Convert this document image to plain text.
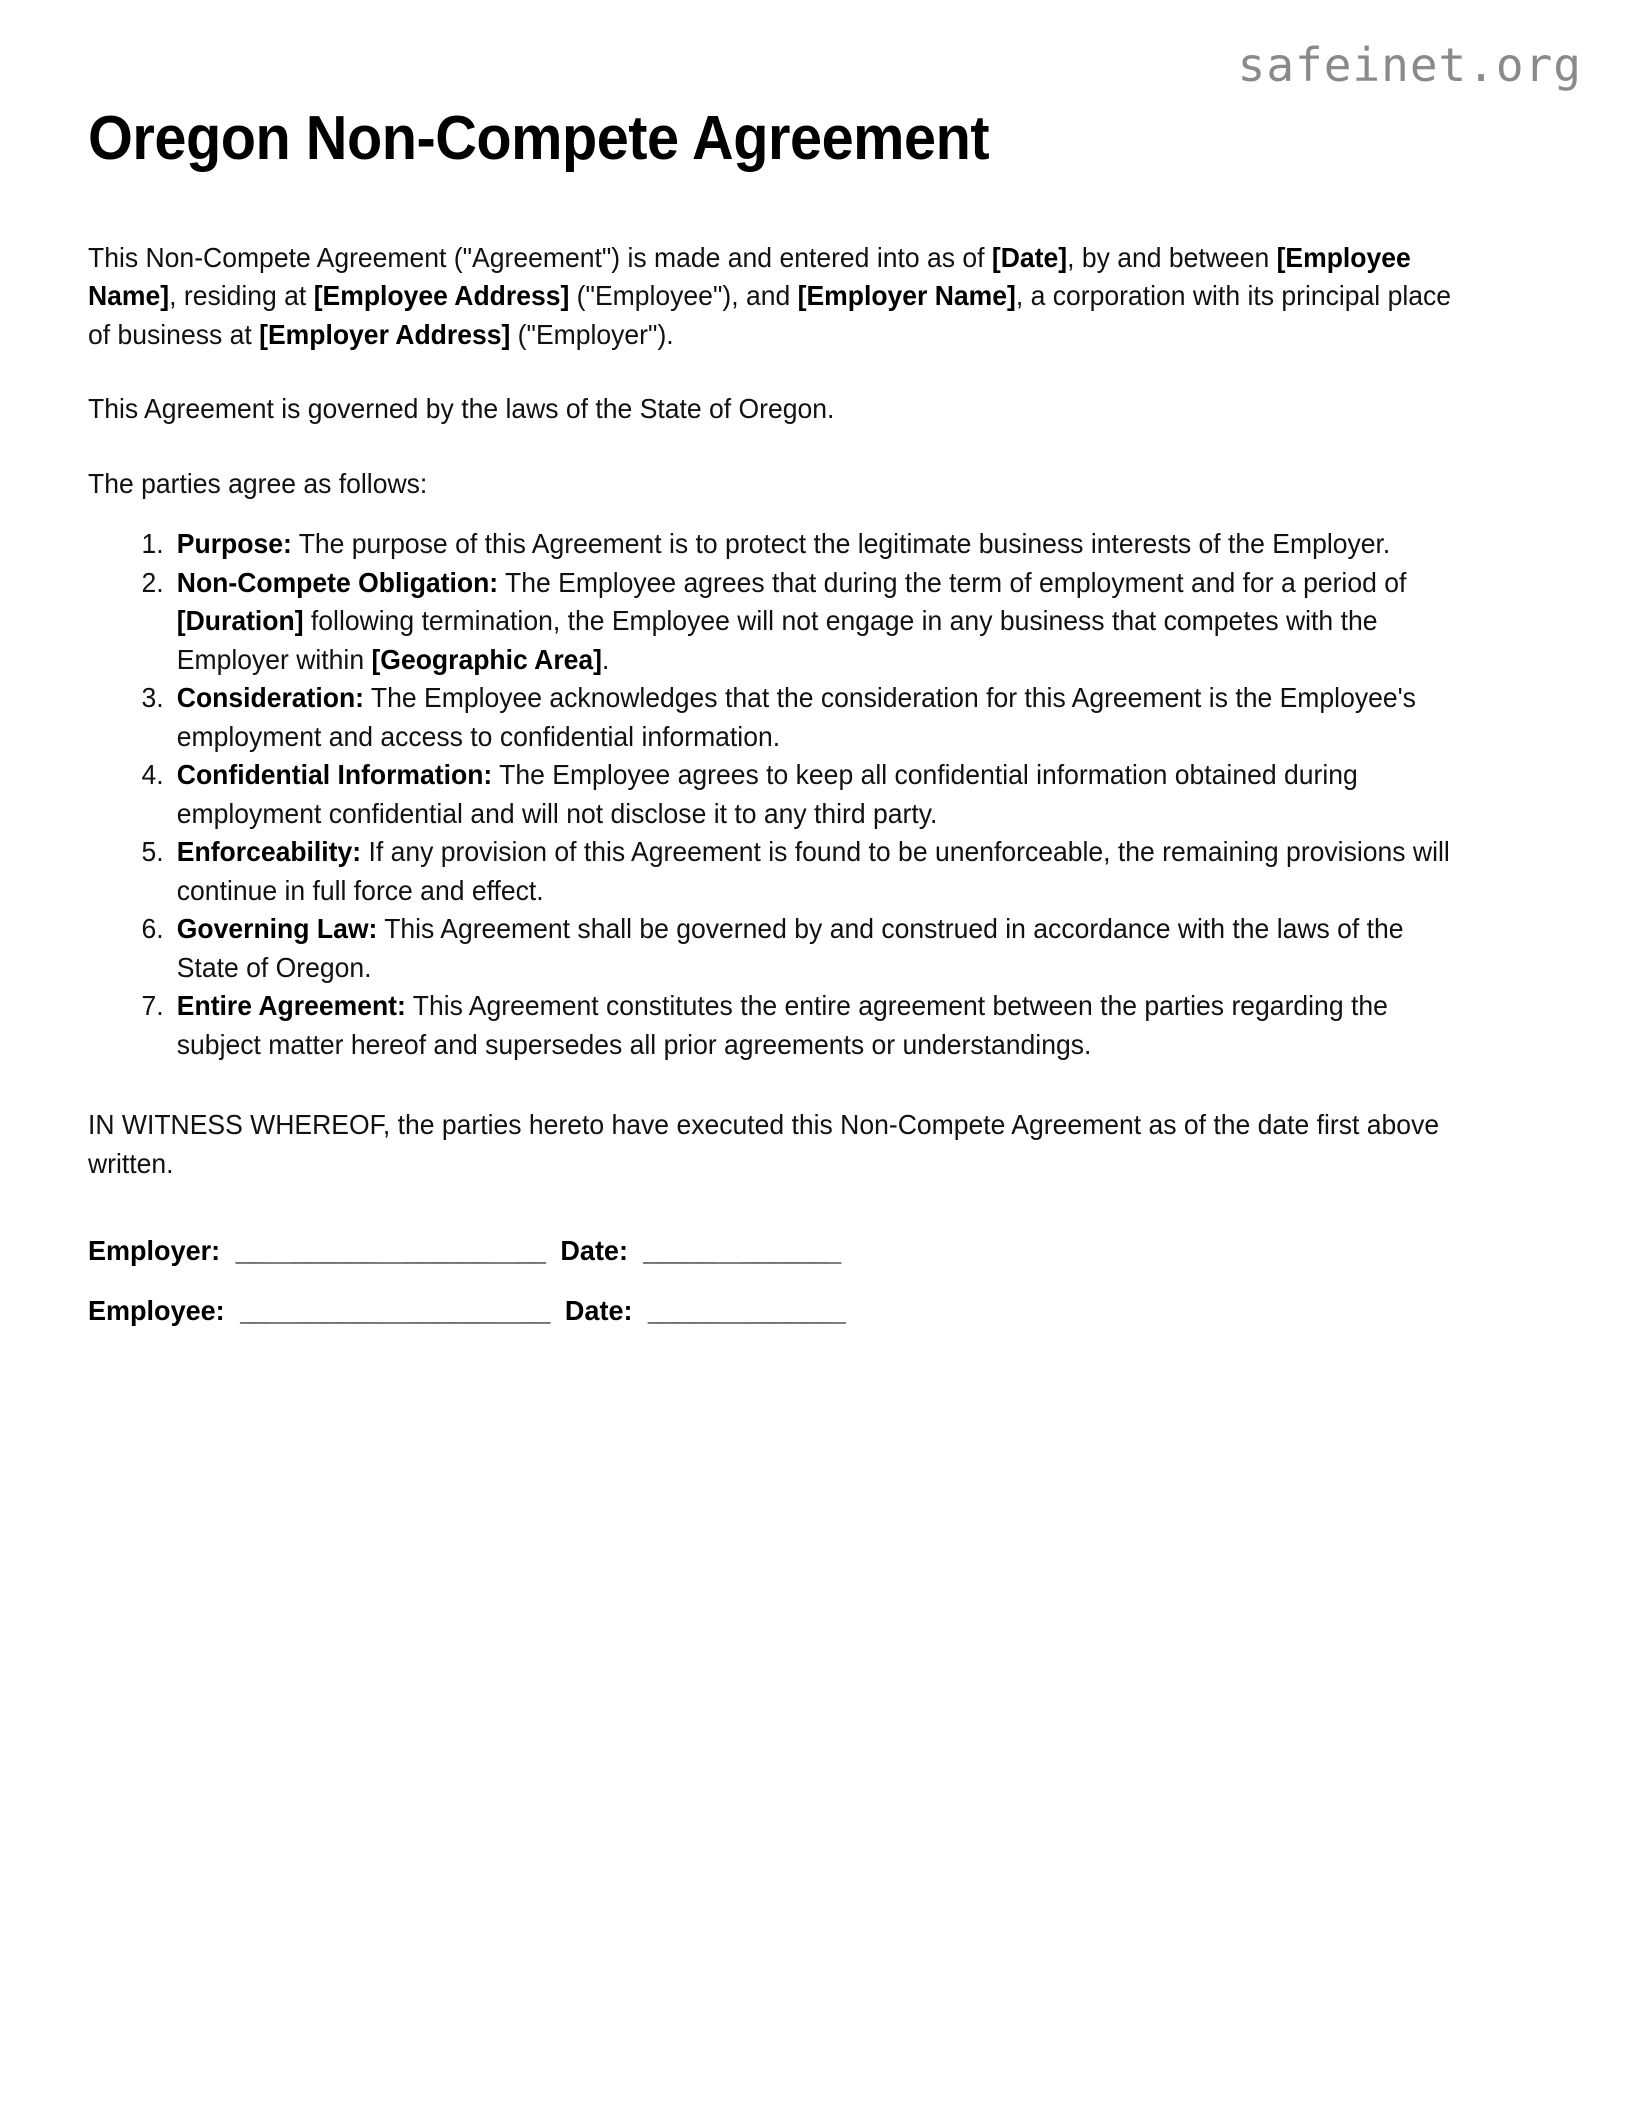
safeinet.org
Oregon Non-Compete Agreement

This Non-Compete Agreement ("Agreement") is made and entered into as of [Date], by and between [Employee Name], residing at [Employee Address] ("Employee"), and [Employer Name], a corporation with its principal place of business at [Employer Address] ("Employer").

This Agreement is governed by the laws of the State of Oregon.

The parties agree as follows:

1. Purpose: The purpose of this Agreement is to protect the legitimate business interests of the Employer.
2. Non-Compete Obligation: The Employee agrees that during the term of employment and for a period of [Duration] following termination, the Employee will not engage in any business that competes with the Employer within [Geographic Area].
3. Consideration: The Employee acknowledges that the consideration for this Agreement is the Employee's employment and access to confidential information.
4. Confidential Information: The Employee agrees to keep all confidential information obtained during employment confidential and will not disclose it to any third party.
5. Enforceability: If any provision of this Agreement is found to be unenforceable, the remaining provisions will continue in full force and effect.
6. Governing Law: This Agreement shall be governed by and construed in accordance with the laws of the State of Oregon.
7. Entire Agreement: This Agreement constitutes the entire agreement between the parties regarding the subject matter hereof and supersedes all prior agreements or understandings.

IN WITNESS WHEREOF, the parties hereto have executed this Non-Compete Agreement as of the date first above written.

Employer: ______________________ Date: ______________
Employee: ______________________ Date: ______________
